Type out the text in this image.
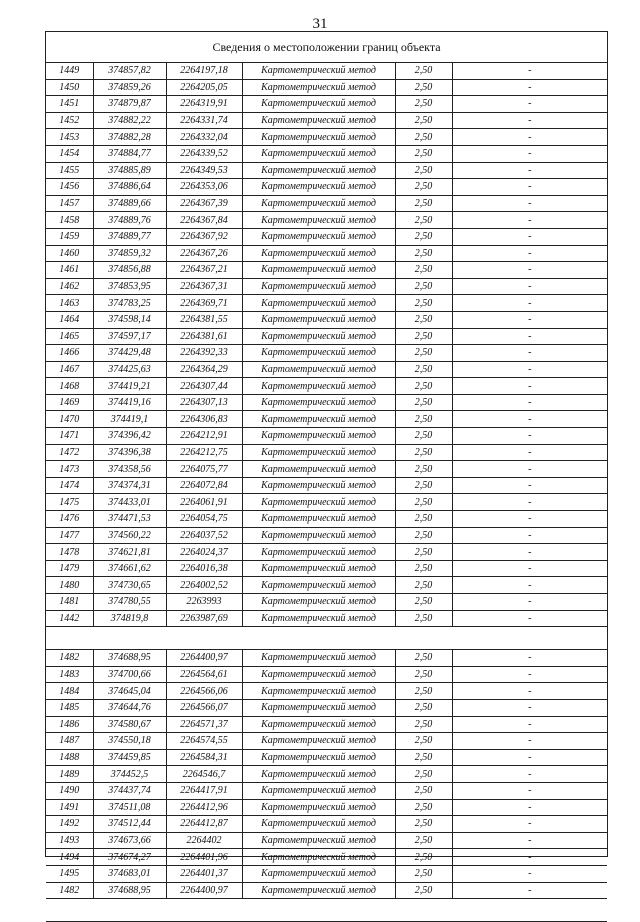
31
Сведения о местоположении границ объекта
1449	374857,82	2264197,18	Картометрический метод	2,50	-
1450	374859,26	2264205,05	Картометрический метод	2,50	-
1451	374879,87	2264319,91	Картометрический метод	2,50	-
1452	374882,22	2264331,74	Картометрический метод	2,50	-
1453	374882,28	2264332,04	Картометрический метод	2,50	-
1454	374884,77	2264339,52	Картометрический метод	2,50	-
1455	374885,89	2264349,53	Картометрический метод	2,50	-
1456	374886,64	2264353,06	Картометрический метод	2,50	-
1457	374889,66	2264367,39	Картометрический метод	2,50	-
1458	374889,76	2264367,84	Картометрический метод	2,50	-
1459	374889,77	2264367,92	Картометрический метод	2,50	-
1460	374859,32	2264367,26	Картометрический метод	2,50	-
1461	374856,88	2264367,21	Картометрический метод	2,50	-
1462	374853,95	2264367,31	Картометрический метод	2,50	-
1463	374783,25	2264369,71	Картометрический метод	2,50	-
1464	374598,14	2264381,55	Картометрический метод	2,50	-
1465	374597,17	2264381,61	Картометрический метод	2,50	-
1466	374429,48	2264392,33	Картометрический метод	2,50	-
1467	374425,63	2264364,29	Картометрический метод	2,50	-
1468	374419,21	2264307,44	Картометрический метод	2,50	-
1469	374419,16	2264307,13	Картометрический метод	2,50	-
1470	374419,1	2264306,83	Картометрический метод	2,50	-
1471	374396,42	2264212,91	Картометрический метод	2,50	-
1472	374396,38	2264212,75	Картометрический метод	2,50	-
1473	374358,56	2264075,77	Картометрический метод	2,50	-
1474	374374,31	2264072,84	Картометрический метод	2,50	-
1475	374433,01	2264061,91	Картометрический метод	2,50	-
1476	374471,53	2264054,75	Картометрический метод	2,50	-
1477	374560,22	2264037,52	Картометрический метод	2,50	-
1478	374621,81	2264024,37	Картометрический метод	2,50	-
1479	374661,62	2264016,38	Картометрический метод	2,50	-
1480	374730,65	2264002,52	Картометрический метод	2,50	-
1481	374780,55	2263993	Картометрический метод	2,50	-
1442	374819,8	2263987,69	Картометрический метод	2,50	-

1482	374688,95	2264400,97	Картометрический метод	2,50	-
1483	374700,66	2264564,61	Картометрический метод	2,50	-
1484	374645,04	2264566,06	Картометрический метод	2,50	-
1485	374644,76	2264566,07	Картометрический метод	2,50	-
1486	374580,67	2264571,37	Картометрический метод	2,50	-
1487	374550,18	2264574,55	Картометрический метод	2,50	-
1488	374459,85	2264584,31	Картометрический метод	2,50	-
1489	374452,5	2264546,7	Картометрический метод	2,50	-
1490	374437,74	2264417,91	Картометрический метод	2,50	-
1491	374511,08	2264412,96	Картометрический метод	2,50	-
1492	374512,44	2264412,87	Картометрический метод	2,50	-
1493	374673,66	2264402	Картометрический метод	2,50	-
1494	374674,27	2264401,96	Картометрический метод	2,50	-
1495	374683,01	2264401,37	Картометрический метод	2,50	-
1482	374688,95	2264400,97	Картометрический метод	2,50	-
